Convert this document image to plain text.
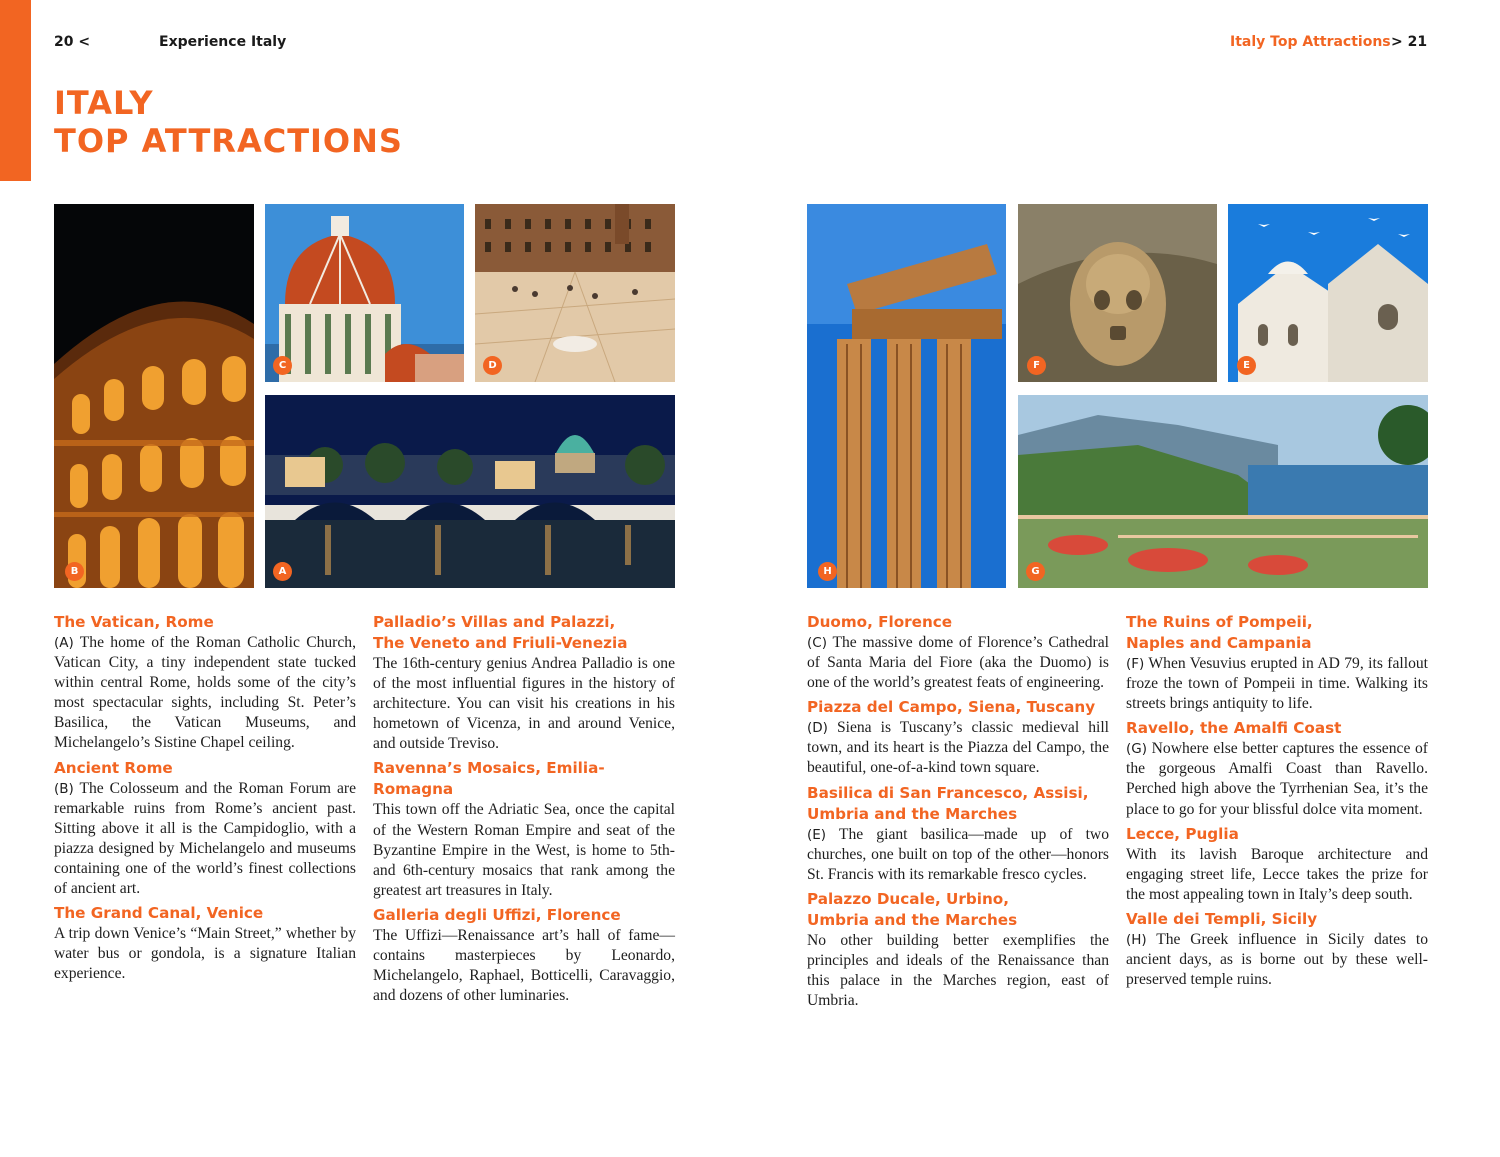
20 <	Experience Italy
ITALY
TOP ATTRACTIONS
B
C	D
A
The Vatican, Rome

(A) The home of the Roman Catholic Church, Vatican City, a tiny independent state tucked within central Rome, holds some of the city’s most spectacular sights, including St. Peter’s Basilica, the Vatican Museums, and Michelangelo’s Sistine Chapel ceiling.

Ancient Rome

(B) The Colosseum and the Roman Forum are remarkable ruins from Rome’s ancient past. Sitting above it all is the Campidoglio, with a piazza designed by Michelangelo and museums containing one of the world’s finest collections of ancient art.

The Grand Canal, Venice

A trip down Venice’s “Main Street,” whether by water bus or gondola, is a signature Italian experience.

Palladio’s Villas and Palazzi,
The Veneto and Friuli-Venezia

The 16th-century genius Andrea Palladio is one of the most influential figures in the history of architecture. You can visit his creations in his hometown of Vicenza, in and around Venice, and outside Treviso.

Ravenna’s Mosaics, Emilia-Romagna

This town off the Adriatic Sea, once the capital of the Western Roman Empire and seat of the Byzantine Empire in the West, is home to 5th- and 6th-century mosaics that rank among the greatest art treasures in Italy.

Galleria degli Uffizi, Florence

The Uffizi—Renaissance art’s hall of fame—contains masterpieces by Leonardo, Michelangelo, Raphael, Botticelli, Caravaggio, and dozens of other luminaries.

Italy Top Attractions > 21
H
F	E
G
Duomo, Florence

(C) The massive dome of Florence’s Cathedral of Santa Maria del Fiore (aka the Duomo) is one of the world’s greatest feats of engineering.

Piazza del Campo, Siena, Tuscany

(D) Siena is Tuscany’s classic medieval hill town, and its heart is the Piazza del Campo, the beautiful, one-of-a-kind town square.

Basilica di San Francesco, Assisi,
Umbria and the Marches

(E) The giant basilica—made up of two churches, one built on top of the other—honors St. Francis with its remarkable fresco cycles.

Palazzo Ducale, Urbino,
Umbria and the Marches

No other building better exemplifies the principles and ideals of the Renaissance than this palace in the Marches region, east of Umbria.

The Ruins of Pompeii,
Naples and Campania

(F) When Vesuvius erupted in AD 79, its fallout froze the town of Pompeii in time. Walking its streets brings antiquity to life.

Ravello, the Amalfi Coast

(G) Nowhere else better captures the essence of the gorgeous Amalfi Coast than Ravello. Perched high above the Tyrrhenian Sea, it’s the place to go for your blissful dolce vita moment.

Lecce, Puglia

With its lavish Baroque architecture and engaging street life, Lecce takes the prize for the most appealing town in Italy’s deep south.

Valle dei Templi, Sicily

(H) The Greek influence in Sicily dates to ancient days, as is borne out by these well-preserved temple ruins.
